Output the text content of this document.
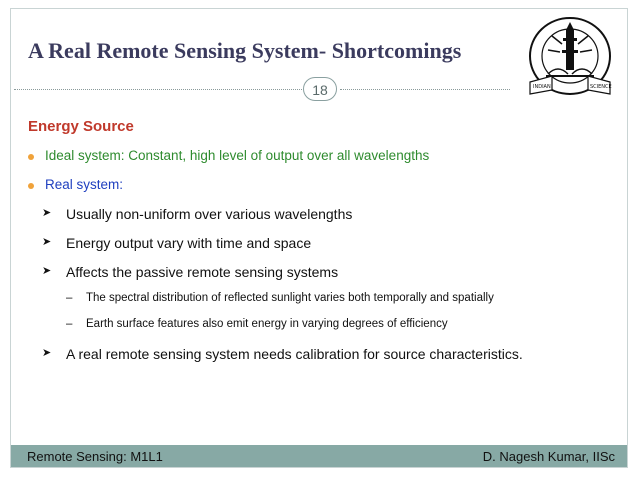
A Real Remote Sensing System- Shortcomings
18	INDIAN	SCIENCE
Energy Source
Ideal system: Constant, high level of output over all wavelengths
Real system:
➤ Usually non-uniform over various wavelengths
➤ Energy output vary with time and space
➤ Affects the passive remote sensing systems
– The spectral distribution of reflected sunlight varies both temporally and spatially
– Earth surface features also emit energy in varying degrees of efficiency
➤ A real remote sensing system needs calibration for source characteristics.
Remote Sensing: M1L1	D. Nagesh Kumar, IISc
